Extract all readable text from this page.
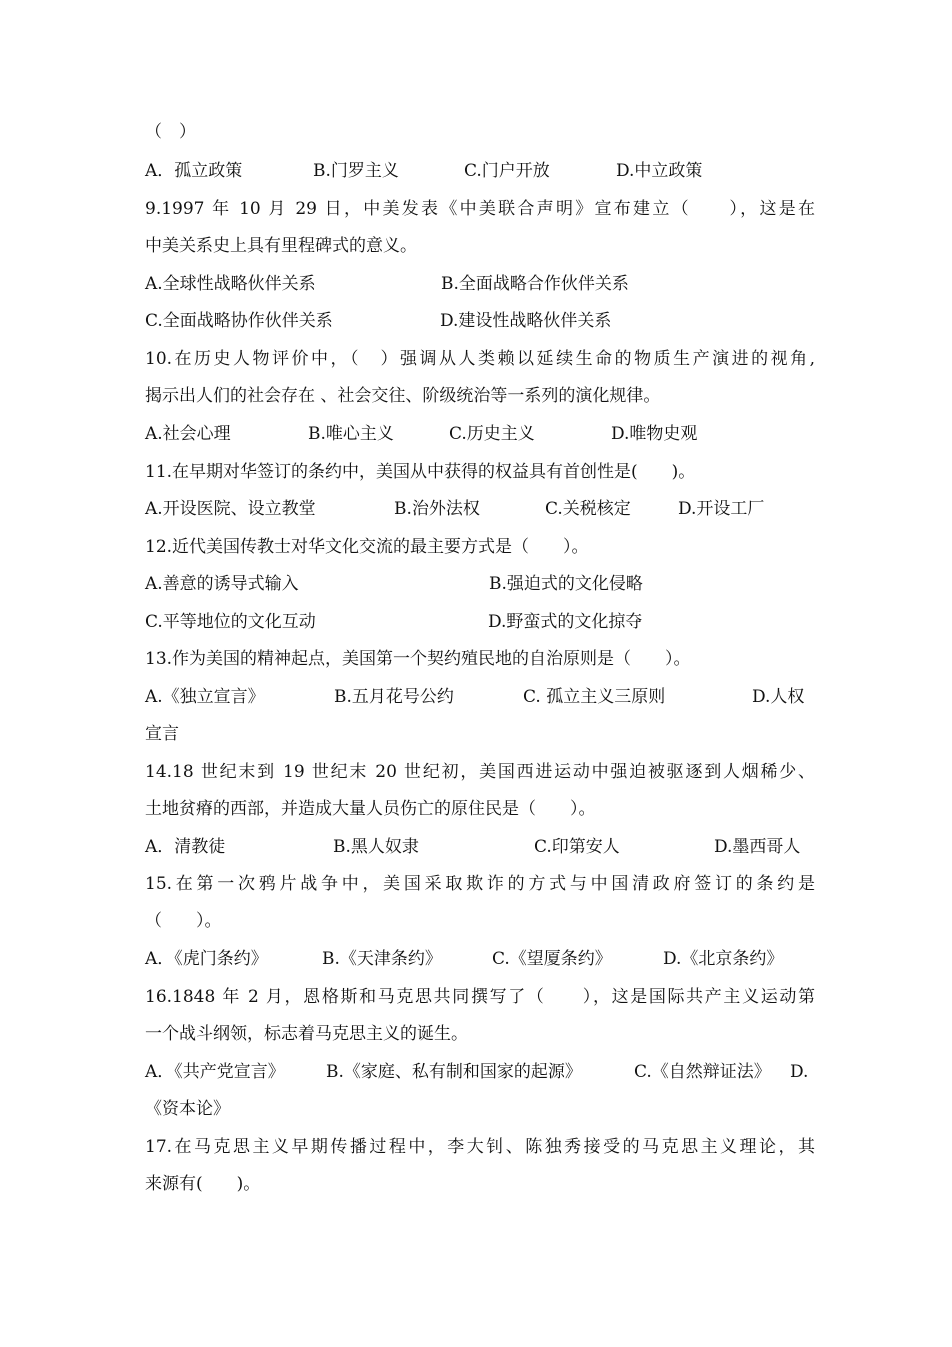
（　）
A．孤立政策	B.门罗主义	C.门户开放	D.中立政策
9.1997 年 10 月 29 日，中美发表《中美联合声明》宣布建立（　　），这是在
中美关系史上具有里程碑式的意义。
A.全球性战略伙伴关系	B.全面战略合作伙伴关系
C.全面战略协作伙伴关系	D.建设性战略伙伴关系
10.在历史人物评价中，（　）强调从人类赖以延续生命的物质生产演进的视角,
揭示出人们的社会存在 、社会交往、阶级统治等一系列的演化规律。
A.社会心理	B.唯心主义	C.历史主义	D.唯物史观
11.在早期对华签订的条约中，美国从中获得的权益具有首创性是(　　)。
A.开设医院、设立教堂	B.治外法权	C.关税核定	D.开设工厂
12.近代美国传教士对华文化交流的最主要方式是（　　）。
A.善意的诱导式输入	B.强迫式的文化侵略
C.平等地位的文化互动	D.野蛮式的文化掠夺
13.作为美国的精神起点，美国第一个契约殖民地的自治原则是（　　）。
A.《独立宣言》	B.五月花号公约	C. 孤立主义三原则	D.人权
宣言
14.18 世纪末到 19 世纪末 20 世纪初，美国西进运动中强迫被驱逐到人烟稀少、
土地贫瘠的西部，并造成大量人员伤亡的原住民是（　　）。
A．清教徒	B.黑人奴隶	C.印第安人	D.墨西哥人
15.在第一次鸦片战争中，美国采取欺诈的方式与中国清政府签订的条约是
（　　）。
A．《虎门条约》	B.《天津条约》	C.《望厦条约》	D.《北京条约》
16.1848 年 2 月，恩格斯和马克思共同撰写了（　　），这是国际共产主义运动第
一个战斗纲领，标志着马克思主义的诞生。
A．《共产党宣言》	B.《家庭、私有制和国家的起源》	C.《自然辩证法》	D.
《资本论》
17.在马克思主义早期传播过程中，李大钊、陈独秀接受的马克思主义理论，其
来源有(　　)。
